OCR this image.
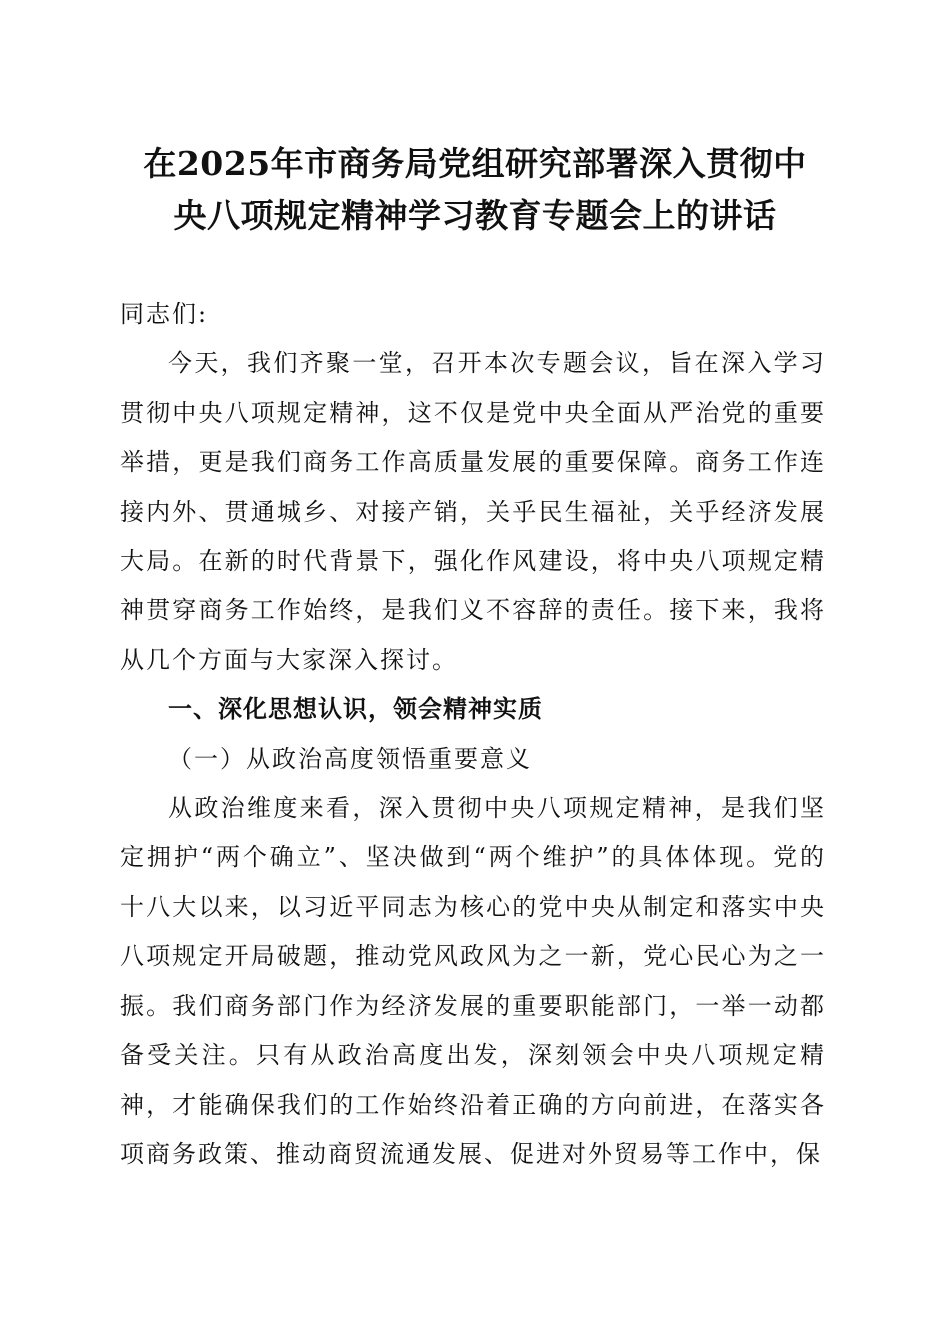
在2025年市商务局党组研究部署深入贯彻中
央八项规定精神学习教育专题会上的讲话

同志们:

今天，我们齐聚一堂，召开本次专题会议，旨在深入学习贯彻中央八项规定精神，这不仅是党中央全面从严治党的重要举措，更是我们商务工作高质量发展的重要保障。商务工作连接内外、贯通城乡、对接产销，关乎民生福祉，关乎经济发展大局。在新的时代背景下，强化作风建设，将中央八项规定精神贯穿商务工作始终，是我们义不容辞的责任。接下来，我将从几个方面与大家深入探讨。

一、深化思想认识，领会精神实质

（一）从政治高度领悟重要意义

从政治维度来看，深入贯彻中央八项规定精神，是我们坚定拥护“两个确立”、坚决做到“两个维护”的具体体现。党的十八大以来，以习近平同志为核心的党中央从制定和落实中央八项规定开局破题，推动党风政风为之一新，党心民心为之一振。我们商务部门作为经济发展的重要职能部门，一举一动都备受关注。只有从政治高度出发，深刻领会中央八项规定精神，才能确保我们的工作始终沿着正确的方向前进，在落实各项商务政策、推动商贸流通发展、促进对外贸易等工作中，保
